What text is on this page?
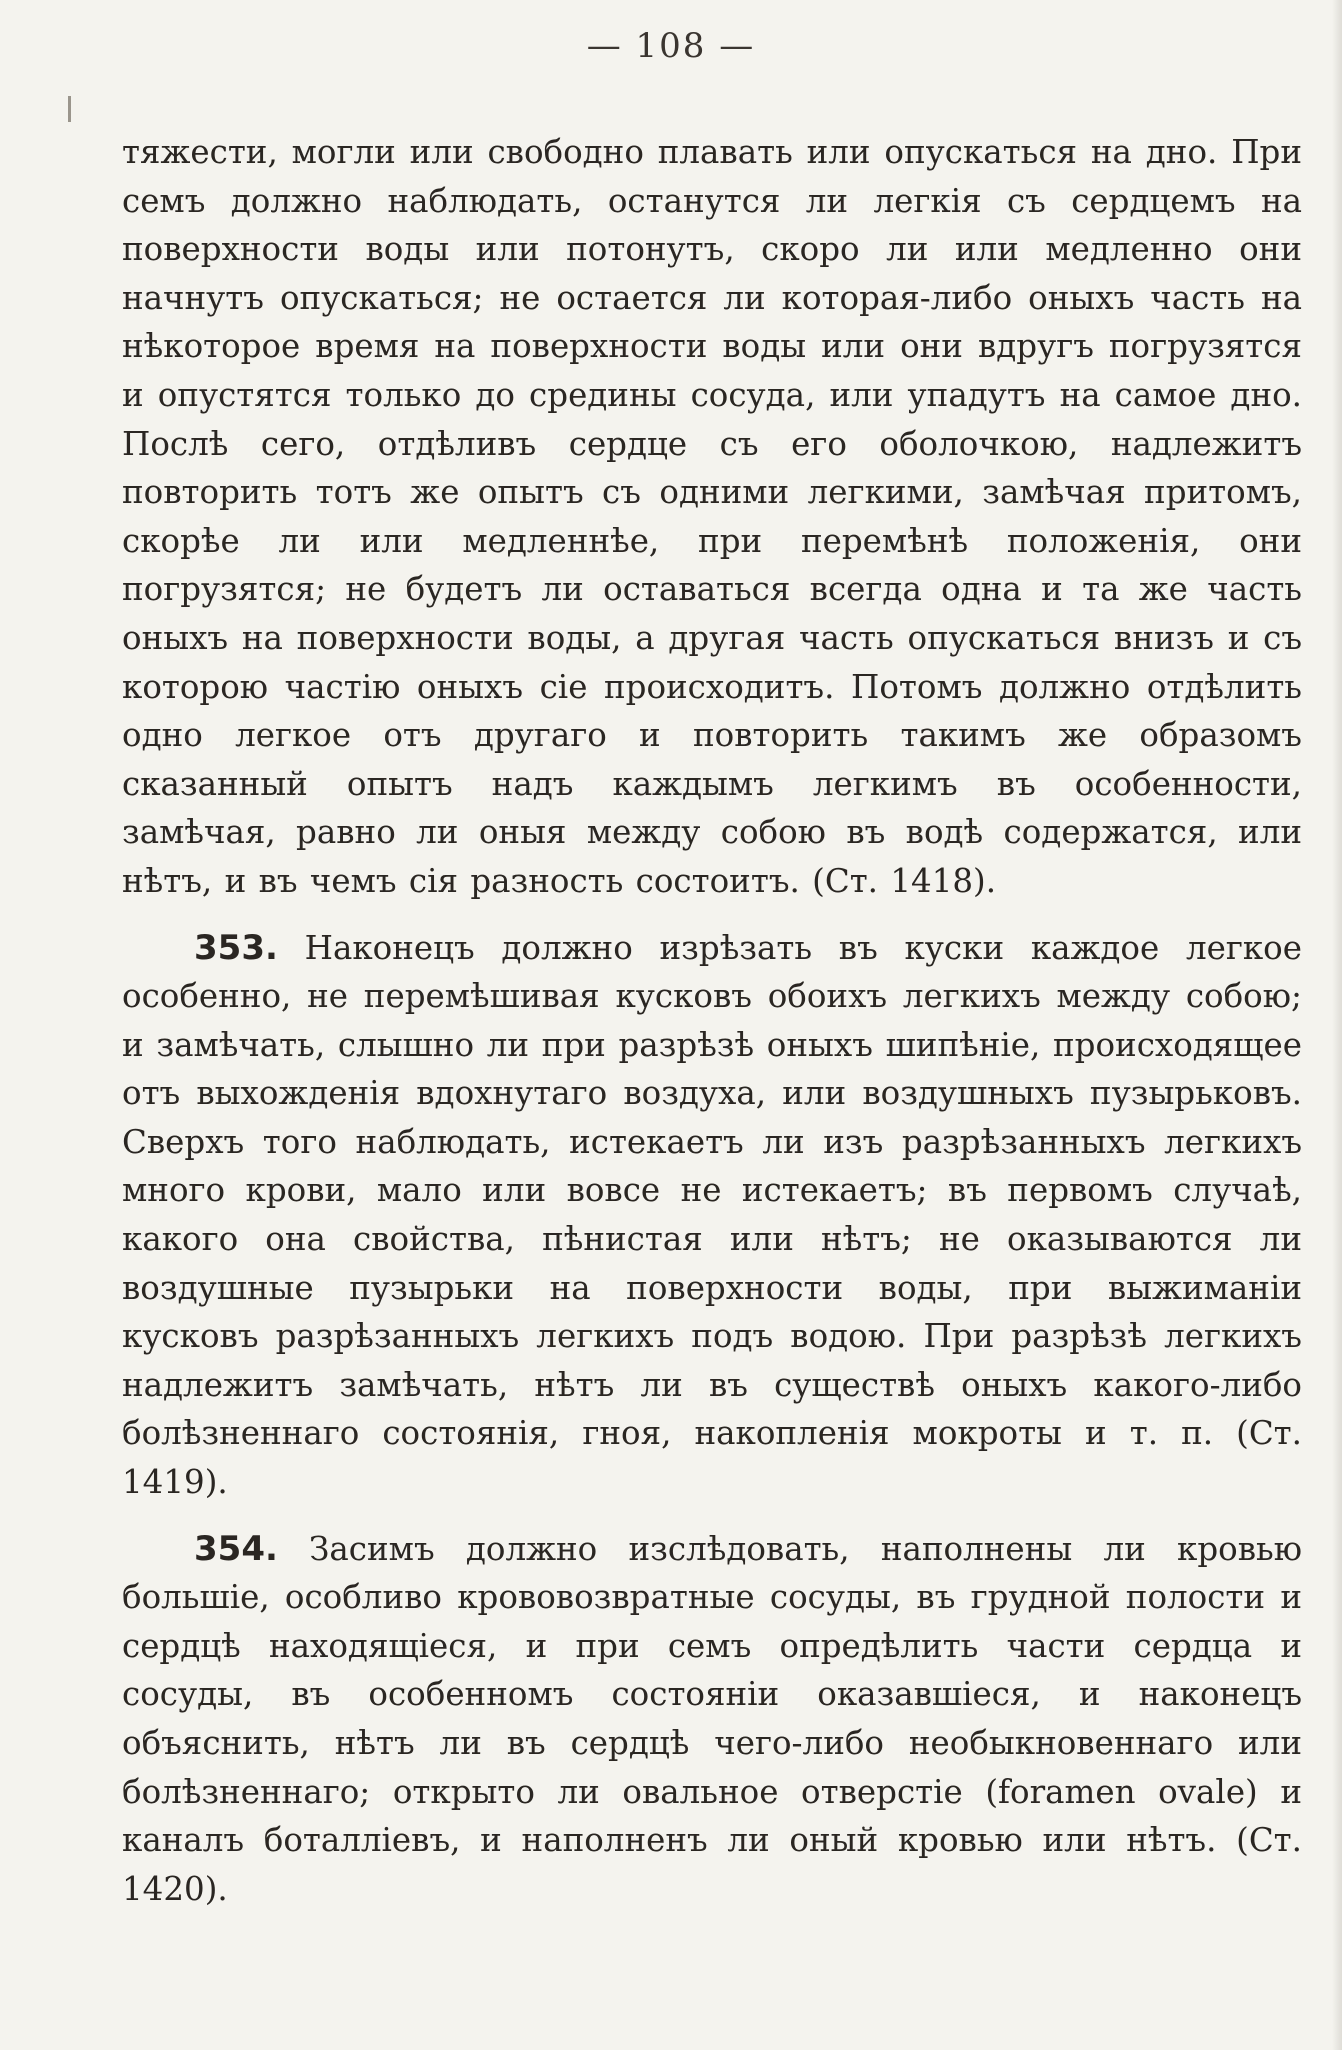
— 108 —

тяжести, могли или свободно плавать или опускаться на дно. При семъ должно наблюдать, останутся ли легкія съ сердцемъ на поверхности воды или потонутъ, скоро ли или медленно они начнутъ опускаться; не остается ли которая-либо оныхъ часть на нѣкоторое время на поверхности воды или они вдругъ погрузятся и опустятся только до средины сосуда, или упадутъ на самое дно. Послѣ сего, отдѣливъ сердце съ его оболочкою, надлежитъ повторить тотъ же опытъ съ одними легкими, замѣчая притомъ, скорѣе ли или медленнѣе, при перемѣнѣ положенія, они погрузятся; не будетъ ли оставаться всегда одна и та же часть оныхъ на поверхности воды, а другая часть опускаться внизъ и съ которою частію оныхъ сіе происходитъ. Потомъ должно отдѣлить одно легкое отъ другаго и повторить такимъ же образомъ сказанный опытъ надъ каждымъ легкимъ въ особенности, замѣчая, равно ли оныя между собою въ водѣ содержатся, или нѣтъ, и въ чемъ сія разность состоитъ. (Ст. 1418).

353. Наконецъ должно изрѣзать въ куски каждое легкое особенно, не перемѣшивая кусковъ обоихъ легкихъ между собою; и замѣчать, слышно ли при разрѣзѣ оныхъ шипѣніе, происходящее отъ выхожденія вдохнутаго воздуха, или воздушныхъ пузырьковъ. Сверхъ того наблюдать, истекаетъ ли изъ разрѣзанныхъ легкихъ много крови, мало или вовсе не истекаетъ; въ первомъ случаѣ, какого она свойства, пѣнистая или нѣтъ; не оказываются ли воздушные пузырьки на поверхности воды, при выжиманіи кусковъ разрѣзанныхъ легкихъ подъ водою. При разрѣзѣ легкихъ надлежитъ замѣчать, нѣтъ ли въ существѣ оныхъ какого-либо болѣзненнаго состоянія, гноя, накопленія мокроты и т. п. (Ст. 1419).

354. Засимъ должно изслѣдовать, наполнены ли кровью большіе, особливо крововозвратные сосуды, въ грудной полости и сердцѣ находящіеся, и при семъ опредѣлить части сердца и сосуды, въ особенномъ состояніи оказавшіеся, и наконецъ объяснить, нѣтъ ли въ сердцѣ чего-либо необыкновеннаго или болѣзненнаго; открыто ли овальное отверстіе (foramen ovale) и каналъ боталліевъ, и наполненъ ли оный кровью или нѣтъ. (Ст. 1420).
